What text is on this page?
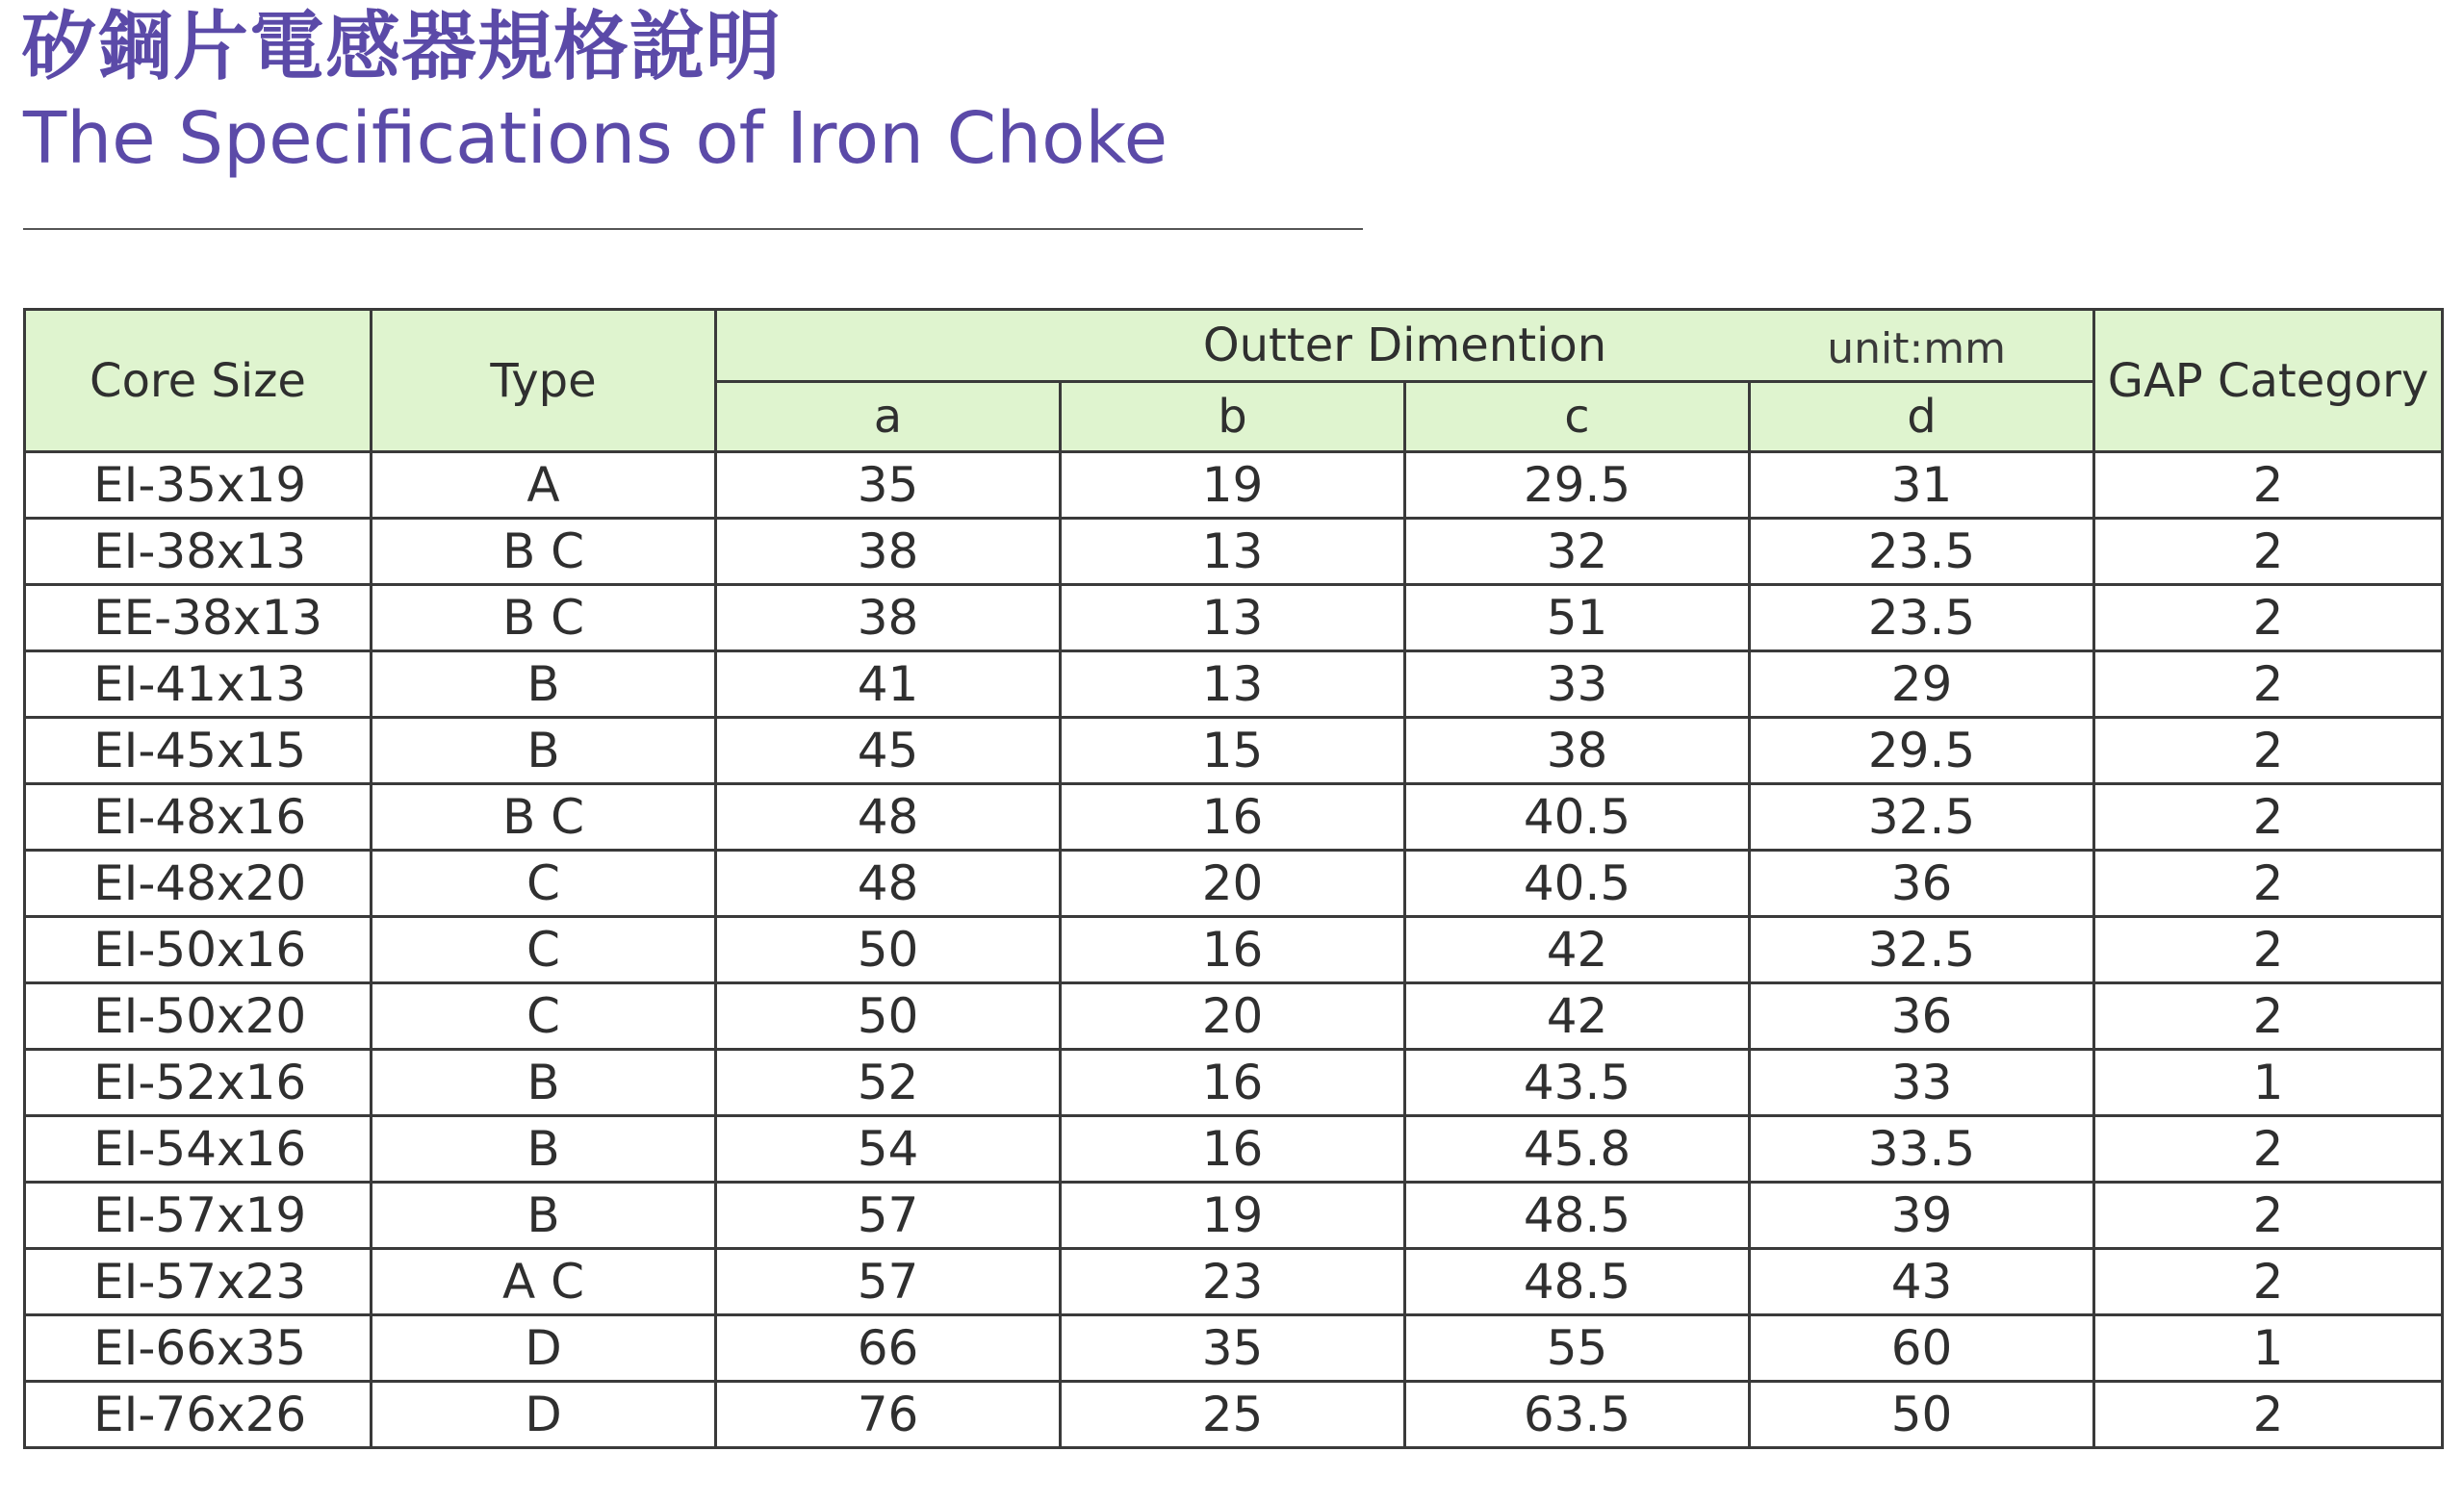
矽鋼片電感器規格說明
The Specifications of Iron Choke
Core Size	Type	Outter Dimention unit:mm				GAP Category
		a	b	c	d	
EI-35x19	A	35	19	29.5	31	2
EI-38x13	B C	38	13	32	23.5	2
EE-38x13	B C	38	13	51	23.5	2
EI-41x13	B	41	13	33	29	2
EI-45x15	B	45	15	38	29.5	2
EI-48x16	B C	48	16	40.5	32.5	2
EI-48x20	C	48	20	40.5	36	2
EI-50x16	C	50	16	42	32.5	2
EI-50x20	C	50	20	42	36	2
EI-52x16	B	52	16	43.5	33	1
EI-54x16	B	54	16	45.8	33.5	2
EI-57x19	B	57	19	48.5	39	2
EI-57x23	A C	57	23	48.5	43	2
EI-66x35	D	66	35	55	60	1
EI-76x26	D	76	25	63.5	50	2
